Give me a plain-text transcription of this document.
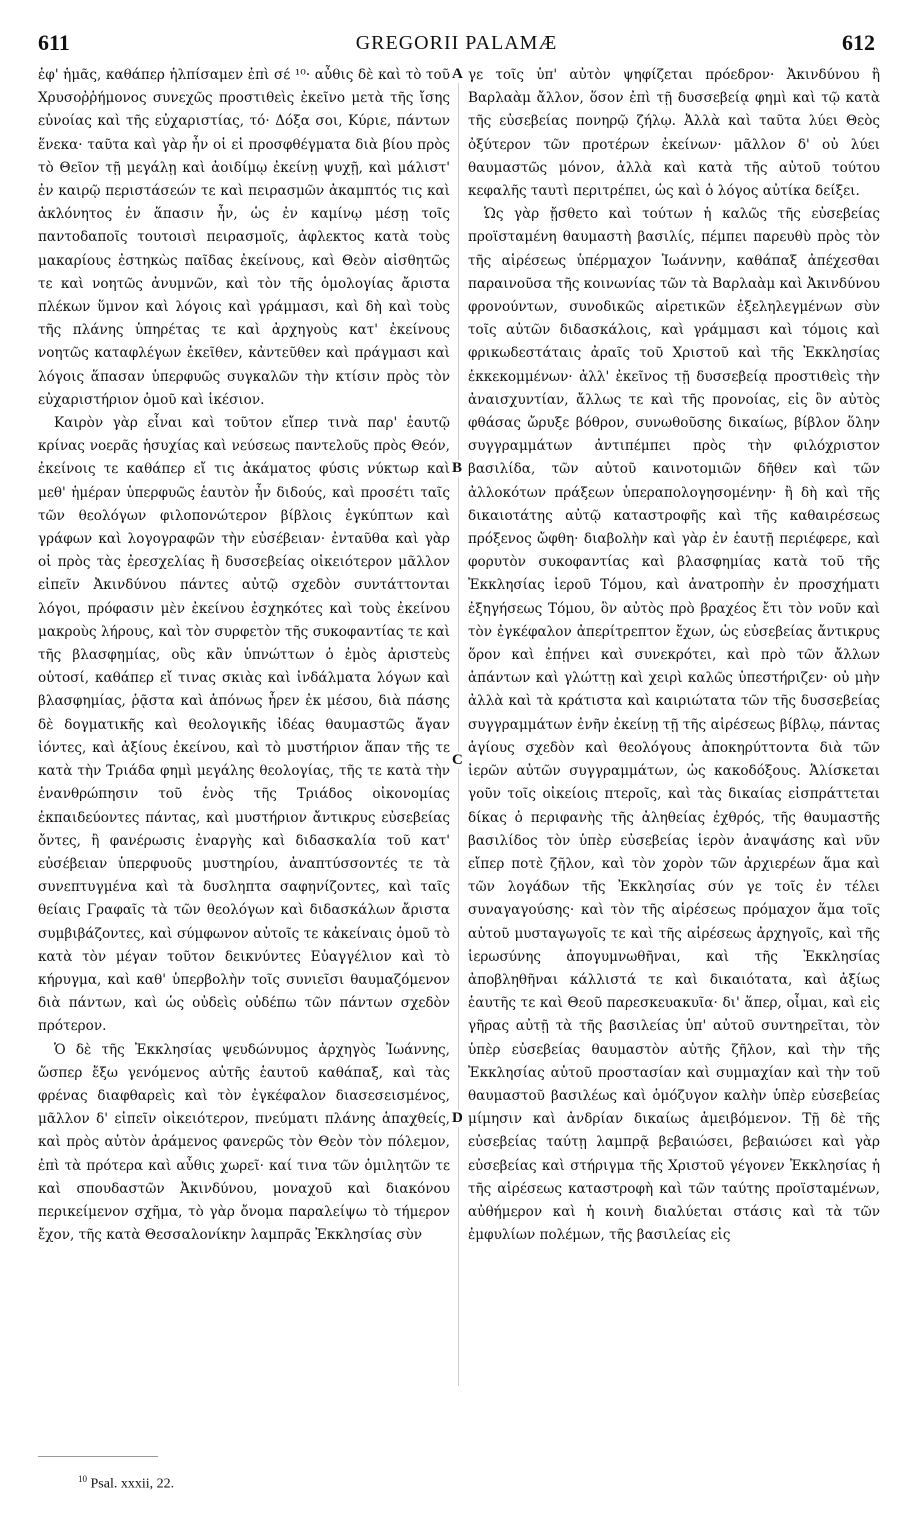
611	GREGORII PALAMÆ	612
A
B
C
D

ἐφ' ἡμᾶς, καθάπερ ἠλπίσαμεν ἐπὶ σέ ¹⁰· αὖθις δὲ καὶ τὸ τοῦ Χρυσοῤῥήμονος συνεχῶς προστιθεὶς ἐκεῖνο μετὰ τῆς ἴσης εὐνοίας καὶ τῆς εὐχαριστίας, τό· Δόξα σοι, Κύριε, πάντων ἕνεκα· ταῦτα καὶ γὰρ ἦν οἱ εἰ προσφθέγματα διὰ βίου πρὸς τὸ Θεῖον τῇ μεγάλῃ καὶ ἀοιδίμῳ ἐκείνῃ ψυχῇ, καὶ μάλιστ' ἐν καιρῷ περιστάσεών τε καὶ πειρασμῶν ἀκαμπτός τις καὶ ἀκλόνητος ἐν ἅπασιν ἦν, ὡς ἐν καμίνῳ μέσῃ τοῖς παντοδαποῖς τουτοισὶ πειρασμοῖς, ἀφλεκτος κατὰ τοὺς μακαρίους ἐστηκὼς παῖδας ἐκείνους, καὶ Θεὸν αἰσθητῶς τε καὶ νοητῶς ἀνυμνῶν, καὶ τὸν τῆς ὁμολογίας ἄριστα πλέκων ὕμνον καὶ λόγοις καὶ γράμμασι, καὶ δὴ καὶ τοὺς τῆς πλάνης ὑπηρέτας τε καὶ ἀρχηγοὺς κατ' ἐκείνους νοητῶς καταφλέγων ἐκεῖθεν, κἀντεῦθεν καὶ πράγμασι καὶ λόγοις ἅπασαν ὑπερφυῶς συγκαλῶν τὴν κτίσιν πρὸς τὸν εὐχαριστήριον ὁμοῦ καὶ ἱκέσιον.

Καιρὸν γὰρ εἶναι καὶ τοῦτον εἴπερ τινὰ παρ' ἑαυτῷ κρίνας νοερᾶς ἡσυχίας καὶ νεύσεως παντελοῦς πρὸς Θεόν, ἐκείνοις τε καθάπερ εἴ τις ἀκάματος φύσις νύκτωρ καὶ μεθ' ἡμέραν ὑπερφυῶς ἑαυτὸν ἦν διδούς, καὶ προσέτι ταῖς τῶν θεολόγων φιλοπονώτερον βίβλοις ἐγκύπτων καὶ γράφων καὶ λογογραφῶν τὴν εὐσέβειαν· ἐνταῦθα καὶ γὰρ οἱ πρὸς τὰς ἐρεσχελίας ἢ δυσσεβείας οἰκειότερον μᾶλλον εἰπεῖν Ἀκινδύνου πάντες αὐτῷ σχεδὸν συντάττονται λόγοι, πρόφασιν μὲν ἐκείνου ἐσχηκότες καὶ τοὺς ἐκείνου μακροὺς λήρους, καὶ τὸν συρφετὸν τῆς συκοφαντίας τε καὶ τῆς βλασφημίας, οὓς κἂν ὑπνώττων ὁ ἐμὸς ἀριστεὺς οὑτοσί, καθάπερ εἴ τινας σκιὰς καὶ ἰνδάλματα λόγων καὶ βλασφημίας, ῥᾷστα καὶ ἀπόνως ἦρεν ἐκ μέσου, διὰ πάσης δὲ δογματικῆς καὶ θεολογικῆς ἰδέας θαυμαστῶς ἄγαν ἰόντες, καὶ ἀξίους ἐκείνου, καὶ τὸ μυστήριον ἅπαν τῆς τε κατὰ τὴν Τριάδα φημὶ μεγάλης θεολογίας, τῆς τε κατὰ τὴν ἐνανθρώπησιν τοῦ ἑνὸς τῆς Τριάδος οἰκονομίας ἐκπαιδεύοντες πάντας, καὶ μυστήριον ἄντικρυς εὐσεβείας ὄντες, ἢ φανέρωσις ἐναργὴς καὶ διδασκαλία τοῦ κατ' εὐσέβειαν ὑπερφυοῦς μυστηρίου, ἀναπτύσσοντές τε τὰ συνεπτυγμένα καὶ τὰ δυσληπτα σαφηνίζοντες, καὶ ταῖς θείαις Γραφαῖς τὰ τῶν θεολόγων καὶ διδασκάλων ἄριστα συμβιβάζοντες, καὶ σύμφωνον αὐτοῖς τε κἀκείναις ὁμοῦ τὸ κατὰ τὸν μέγαν τοῦτον δεικνύντες Εὐαγγέλιον καὶ τὸ κήρυγμα, καὶ καθ' ὑπερβολὴν τοῖς συνιεῖσι θαυμαζόμενον διὰ πάντων, καὶ ὡς οὐδεὶς οὐδέπω τῶν πάντων σχεδὸν πρότερον.

Ὁ δὲ τῆς Ἐκκλησίας ψευδώνυμος ἀρχηγὸς Ἰωάννης, ὥσπερ ἔξω γενόμενος αὐτῆς ἑαυτοῦ καθάπαξ, καὶ τὰς φρένας διαφθαρεὶς καὶ τὸν ἐγκέφαλον διασεσεισμένος, μᾶλλον δ' εἰπεῖν οἰκειότερον, πνεύματι πλάνης ἁπαχθείς, καὶ πρὸς αὐτὸν ἀράμενος φανερῶς τὸν Θεὸν τὸν πόλεμον, ἐπὶ τὰ πρότερα καὶ αὖθις χωρεῖ· καί τινα τῶν ὁμιλητῶν τε καὶ σπουδαστῶν Ἀκινδύνου, μοναχοῦ καὶ διακόνου περικείμενον σχῆμα, τὸ γὰρ ὄνομα παραλείψω τὸ τήμερον ἔχον, τῆς κατὰ Θεσσαλονίκην λαμπρᾶς Ἐκκλησίας σὺν

γε τοῖς ὑπ' αὐτὸν ψηφίζεται πρόεδρον· Ἀκινδύνου ἢ Βαρλαὰμ ἄλλον, ὅσον ἐπὶ τῇ δυσσεβείᾳ φημὶ καὶ τῷ κατὰ τῆς εὐσεβείας πονηρῷ ζήλῳ. Ἀλλὰ καὶ ταῦτα λύει Θεὸς ὀξύτερον τῶν προτέρων ἐκείνων· μᾶλλον δ' οὐ λύει θαυμαστῶς μόνον, ἀλλὰ καὶ κατὰ τῆς αὐτοῦ τούτου κεφαλῆς ταυτὶ περιτρέπει, ὡς καὶ ὁ λόγος αὐτίκα δείξει.

Ὡς γὰρ ᾔσθετο καὶ τούτων ἡ καλῶς τῆς εὐσεβείας προϊσταμένη θαυμαστὴ βασιλίς, πέμπει παρευθὺ πρὸς τὸν τῆς αἱρέσεως ὑπέρμαχον Ἰωάννην, καθάπαξ ἀπέχεσθαι παραινοῦσα τῆς κοινωνίας τῶν τὰ Βαρλαὰμ καὶ Ἀκινδύνου φρονούντων, συνοδικῶς αἱρετικῶν ἐξεληλεγμένων σὺν τοῖς αὐτῶν διδασκάλοις, καὶ γράμμασι καὶ τόμοις καὶ φρικωδεστάταις ἀραῖς τοῦ Χριστοῦ καὶ τῆς Ἐκκλησίας ἐκκεκομμένων· ἀλλ' ἐκεῖνος τῇ δυσσεβείᾳ προστιθεὶς τὴν ἀναισχυντίαν, ἄλλως τε καὶ τῆς προνοίας, εἰς ὃν αὐτὸς φθάσας ὤρυξε βόθρον, συνωθοῦσης δικαίως, βίβλον ὅλην συγγραμμάτων ἀντιπέμπει πρὸς τὴν φιλόχριστον βασιλίδα, τῶν αὐτοῦ καινοτομιῶν δῆθεν καὶ τῶν ἀλλοκότων πράξεων ὑπεραπολογησομένην· ἢ δὴ καὶ τῆς δικαιοτάτης αὐτῷ καταστροφῆς καὶ τῆς καθαιρέσεως πρόξενος ὤφθη· διαβολὴν καὶ γὰρ ἐν ἑαυτῇ περιέφερε, καὶ φορυτὸν συκοφαντίας καὶ βλασφημίας κατὰ τοῦ τῆς Ἐκκλησίας ἱεροῦ Τόμου, καὶ ἀνατροπὴν ἐν προσχήματι ἐξηγήσεως Τόμου, ὃν αὐτὸς πρὸ βραχέος ἔτι τὸν νοῦν καὶ τὸν ἐγκέφαλον ἀπερίτρεπτον ἔχων, ὡς εὐσεβείας ἄντικρυς ὅρον καὶ ἐπῄνει καὶ συνεκρότει, καὶ πρὸ τῶν ἄλλων ἁπάντων καὶ γλώττῃ καὶ χειρὶ καλῶς ὑπεστήριζεν· οὐ μὴν ἀλλὰ καὶ τὰ κράτιστα καὶ καιριώτατα τῶν τῆς δυσσεβείας συγγραμμάτων ἐνῆν ἐκείνῃ τῇ τῆς αἱρέσεως βίβλῳ, πάντας ἁγίους σχεδὸν καὶ θεολόγους ἀποκηρύττοντα διὰ τῶν ἱερῶν αὐτῶν συγγραμμάτων, ὡς κακοδόξους. Ἁλίσκεται γοῦν τοῖς οἰκείοις πτεροῖς, καὶ τὰς δικαίας εἰσπράττεται δίκας ὁ περιφανὴς τῆς ἀληθείας ἐχθρός, τῆς θαυμαστῆς βασιλίδος τὸν ὑπὲρ εὐσεβείας ἱερὸν ἀναψάσης καὶ νῦν εἴπερ ποτὲ ζῆλον, καὶ τὸν χορὸν τῶν ἀρχιερέων ἅμα καὶ τῶν λογάδων τῆς Ἐκκλησίας σύν γε τοῖς ἐν τέλει συναγαγούσης· καὶ τὸν τῆς αἱρέσεως πρόμαχον ἅμα τοῖς αὐτοῦ μυσταγωγοῖς τε καὶ τῆς αἱρέσεως ἀρχηγοῖς, καὶ τῆς ἱερωσύνης ἀπογυμνωθῆναι, καὶ τῆς Ἐκκλησίας ἀποβληθῆναι κάλλιστά τε καὶ δικαιότατα, καὶ ἀξίως ἑαυτῆς τε καὶ Θεοῦ παρεσκευακυῖα· δι' ἅπερ, οἶμαι, καὶ εἰς γῆρας αὐτῇ τὰ τῆς βασιλείας ὑπ' αὐτοῦ συντηρεῖται, τὸν ὑπὲρ εὐσεβείας θαυμαστὸν αὐτῆς ζῆλον, καὶ τὴν τῆς Ἐκκλησίας αὐτοῦ προστασίαν καὶ συμμαχίαν καὶ τὴν τοῦ θαυμαστοῦ βασιλέως καὶ ὁμόζυγον καλὴν ὑπὲρ εὐσεβείας μίμησιν καὶ ἀνδρίαν δικαίως ἀμειβόμενον. Τῇ δὲ τῆς εὐσεβείας ταύτῃ λαμπρᾷ βεβαιώσει, βεβαιώσει καὶ γὰρ εὐσεβείας καὶ στήριγμα τῆς Χριστοῦ γέγονεν Ἐκκλησίας ἡ τῆς αἱρέσεως καταστροφὴ καὶ τῶν ταύτης προϊσταμένων, αὐθήμερον καὶ ἡ κοινὴ διαλύεται στάσις καὶ τὰ τῶν ἐμφυλίων πολέμων, τῆς βασιλείας εἰς

$^{10}$ Psal. xxxii, 22.
